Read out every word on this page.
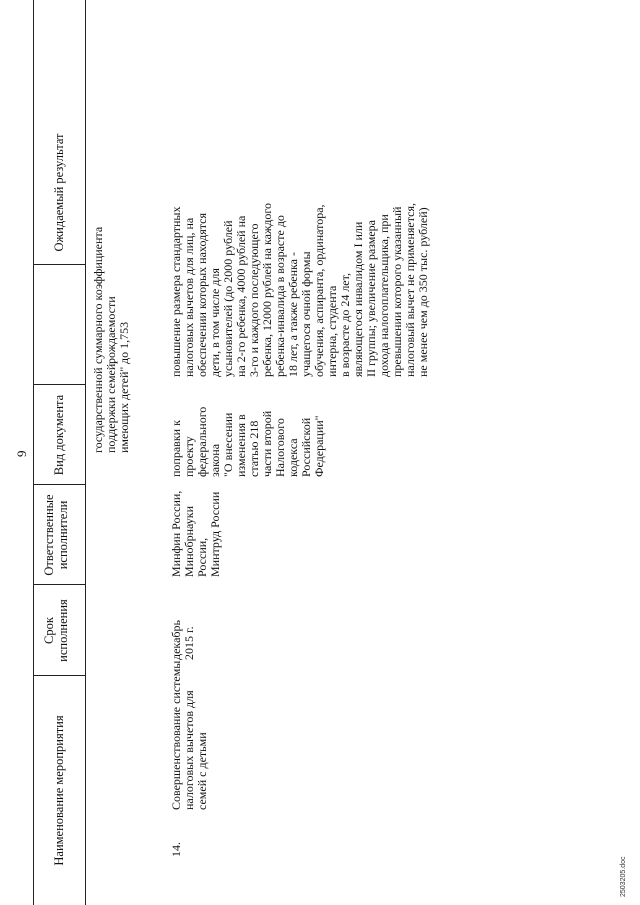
9
Наименование мероприятия
Срок исполнения
Ответственные исполнители
Вид документа
Ожидаемый результат
государственной поддержки семей, имеющих детей"
суммарного коэффициента рождаемости до 1,753
14.
Совершенствование системы налоговых вычетов для семей с детьми
декабрь 2015 г.
Минфин России, Минобрнауки России, Минтруд России
поправки к проекту федерального закона "О внесении изменения в статью 218 части второй Налогового кодекса Российской Федерации"
повышение размера стандартных налоговых вычетов для лиц, на обеспечении которых находятся дети, в том числе для усыновителей (до 2000 рублей на 2-го ребенка, 4000 рублей на 3-го и каждого последующего ребенка, 12000 рублей на каждого ребенка-инвалида в возрасте до 18 лет, а также ребенка - учащегося очной формы обучения, аспиранта, ординатора, интерна, студента в возрасте до 24 лет, являющегося инвалидом I или II группы; увеличение размера дохода налогоплательщика, при превышении которого указанный налоговый вычет не применяется, не менее чем до 350 тыс. рублей)
2503205.doc
